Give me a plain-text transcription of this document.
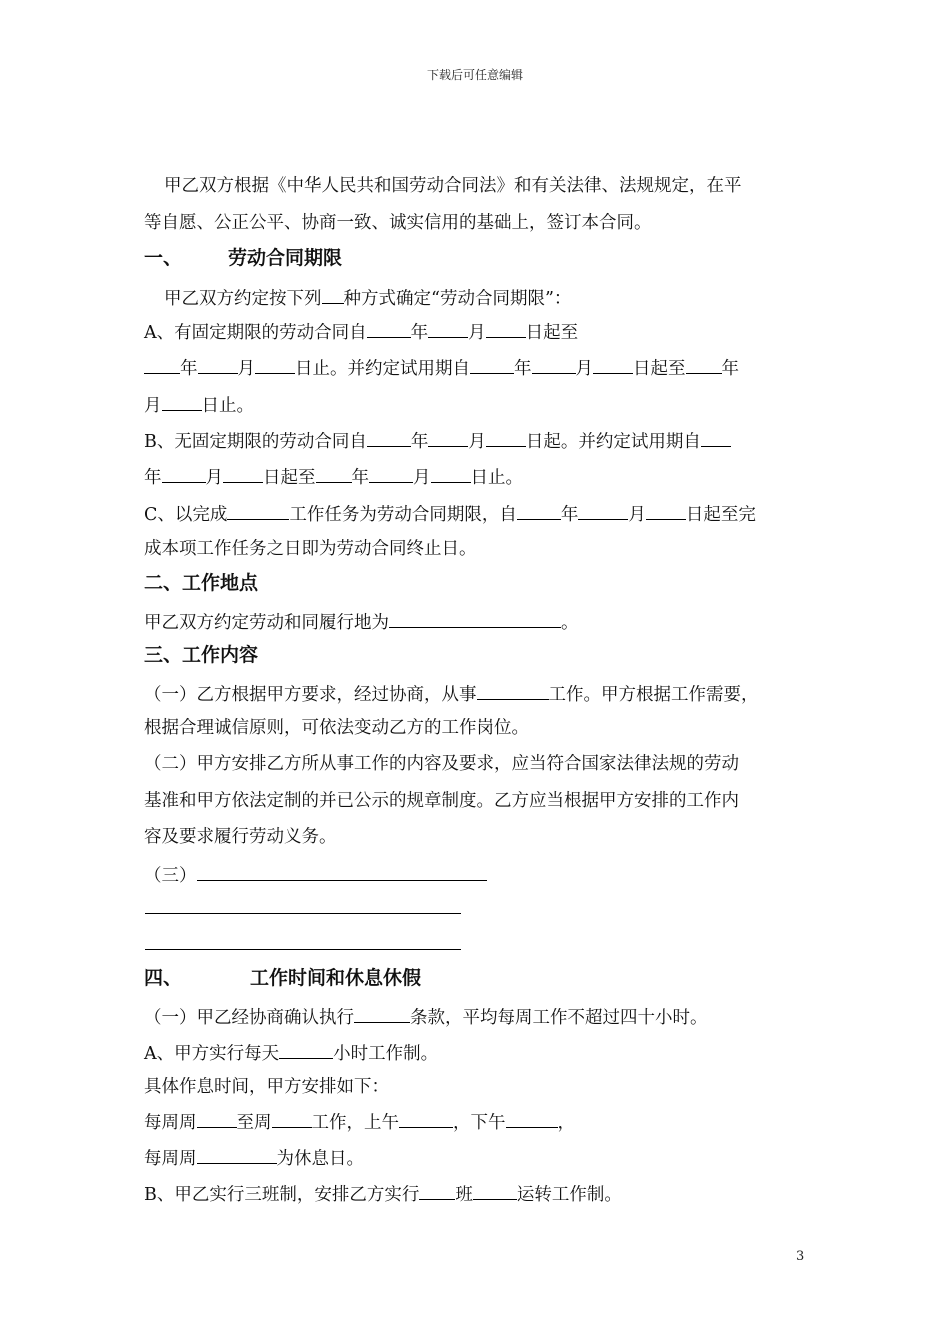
下载后可任意编辑
甲乙双方根据《中华人民共和国劳动合同法》和有关法律、法规规定，在平
等自愿、公正公平、协商一致、诚实信用的基础上，签订本合同。
一、 劳动合同期限
甲乙双方约定按下列 种方式确定“劳动合同期限”：
A、有固定期限的劳动合同自	年 月 日起至
年 月 日止。并约定试用期自	年	月 日起至 年
月 日止。
B、无固定期限的劳动合同自	年 月 日起。并约定试用期自
年	月 日起至 年	月 日止。
C、以完成	工作任务为劳动合同期限，自	年	月 日起至完
成本项工作任务之日即为劳动合同终止日。
二、工作地点
甲乙双方约定劳动和同履行地为	。
三、工作内容
（一）乙方根据甲方要求，经过协商，从事	工作。甲方根据工作需要，
根据合理诚信原则，可依法变动乙方的工作岗位。
（二）甲方安排乙方所从事工作的内容及要求，应当符合国家法律法规的劳动
基准和甲方依法定制的并已公示的规章制度。乙方应当根据甲方安排的工作内
容及要求履行劳动义务。
（三）
四、	工作时间和休息休假
（一）甲乙经协商确认执行	条款，平均每周工作不超过四十小时。
A、甲方实行每天	小时工作制。
具体作息时间，甲方安排如下：
每周周 至周 工作，上午	，下午	，
每周周	为休息日。
B、甲乙实行三班制，安排乙方实行 班	运转工作制。
3
